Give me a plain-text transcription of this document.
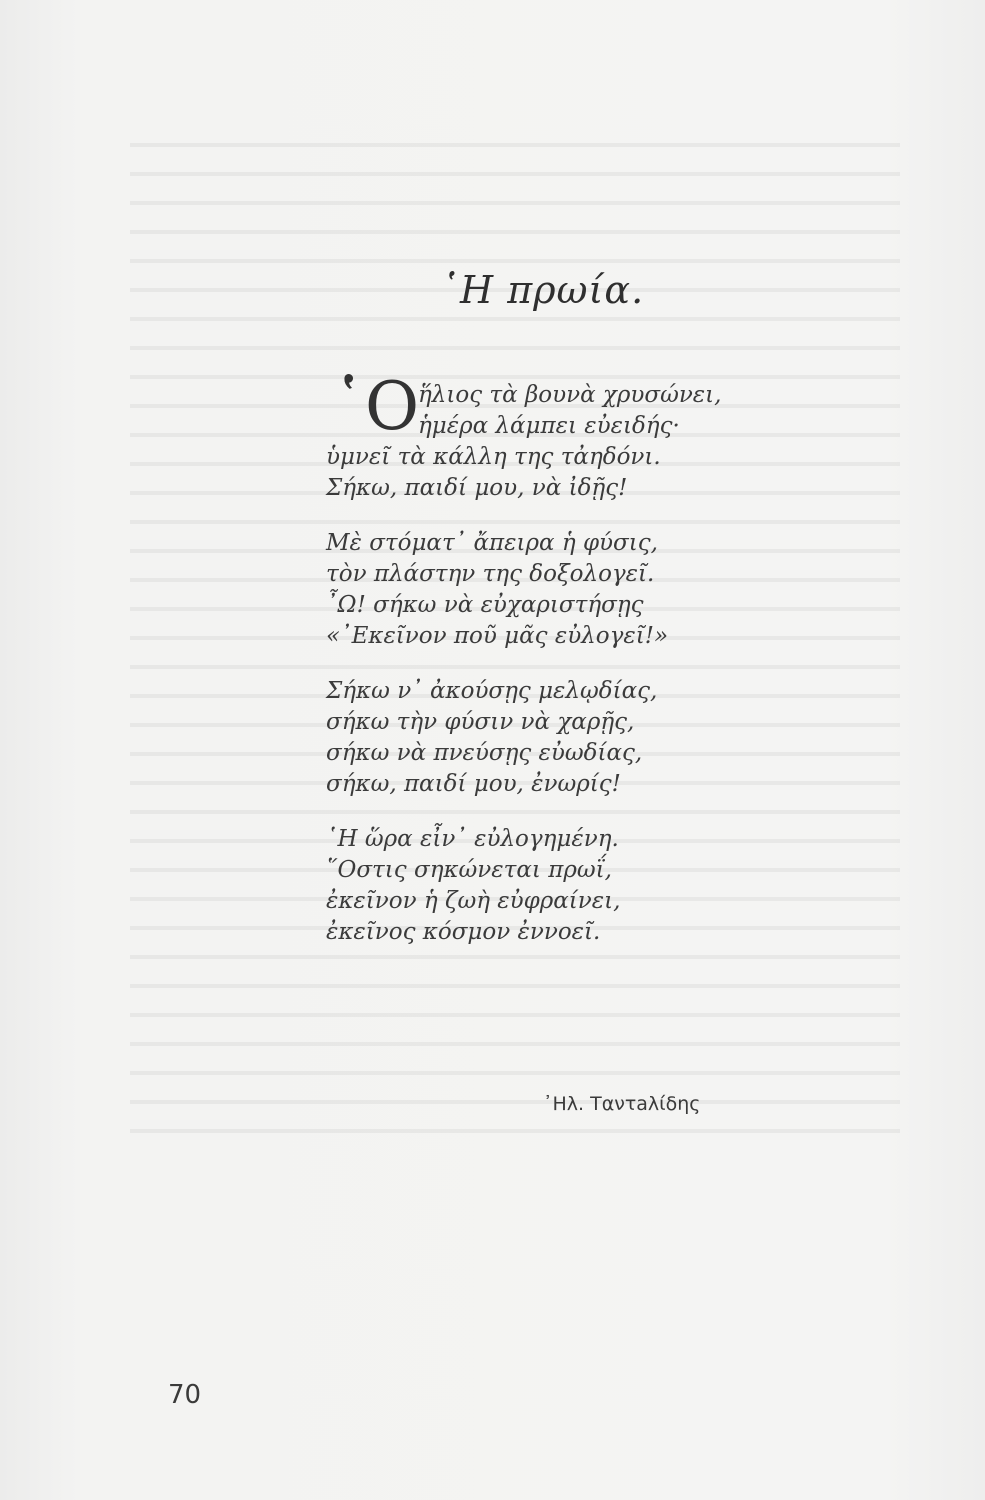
῾Η πρωία.
῾Ο
ἥλιος τὰ βουνὰ χρυσώνει,
ἡμέρα λάμπει εὐειδής·
ὑμνεῖ τὰ κάλλη της τἀηδόνι.
Σήκω, παιδί μου, νὰ ἰδῇς!
Μὲ στόματ᾽ ἄπειρα ἡ φύσις,
τὸν πλάστην της δοξολογεῖ.
῏Ω! σήκω νὰ εὐχαριστήσῃς
«᾿Εκεῖνον ποῦ μᾶς εὐλογεῖ!»
Σήκω ν᾽ ἀκούσῃς μελῳδίας,
σήκω τὴν φύσιν νὰ χαρῇς,
σήκω νὰ πνεύσῃς εὐωδίας,
σήκω, παιδί μου, ἐνωρίς!
῾Η ὥρα εἶν᾽ εὐλογημένη.
῞Οστις σηκώνεται πρωΐ,
ἐκεῖνον ἡ ζωὴ εὐφραίνει,
ἐκεῖνος κόσμον ἐννοεῖ.
᾿Ηλ. Ταντaλίδης
70
